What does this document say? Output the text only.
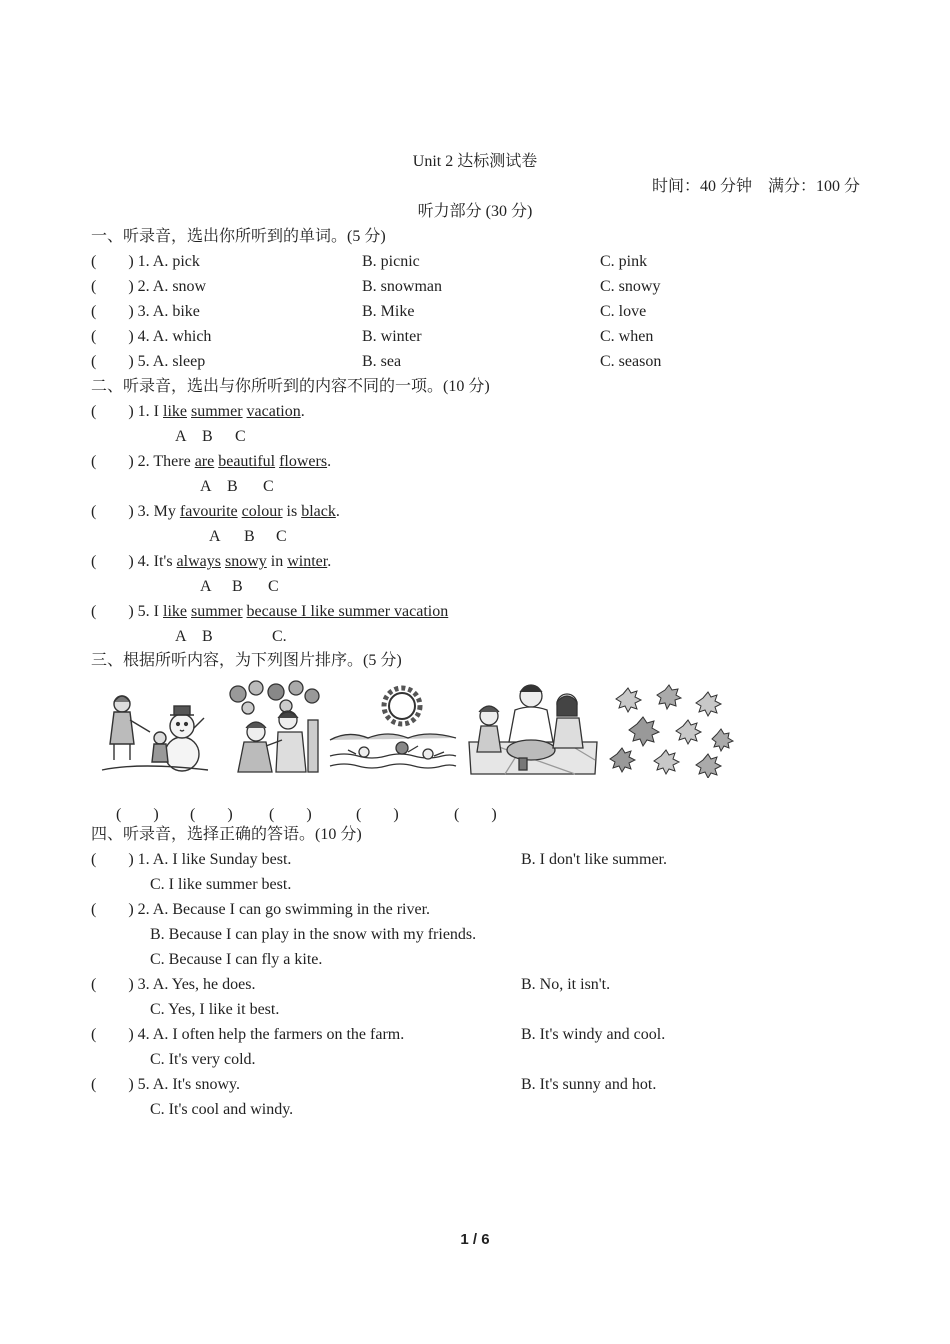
Unit 2 达标测试卷
时间：40 分钟　满分：100 分
听力部分 (30 分)
一、听录音，选出你所听到的单词。(5 分)
(　　) 1. A. pick	B. picnic	C. pink
(　　) 2. A. snow	B. snowman	C. snowy
(　　) 3. A. bike	B. Mike	C. love
(　　) 4. A. which	B. winter	C. when
(　　) 5. A. sleep	B. sea	C. season
二、听录音，选出与你所听到的内容不同的一项。(10 分)
(　　) 1. I like summer vacation.
A B C
(　　) 2. There are beautiful flowers.
A B C
(　　) 3. My favourite colour is black.
A B C
(　　) 4. It's always snowy in winter.
A B C
(　　) 5. I like summer because I like summer vacation
A B	C.
三、根据所听内容，为下列图片排序。(5 分)
(　　) (　　) (　　)	(　　)	(　　)
四、听录音，选择正确的答语。(10 分)
(　　) 1. A. I like Sunday best.	B. I don't like summer.
C. I like summer best.
(　　) 2. A. Because I can go swimming in the river.
B. Because I can play in the snow with my friends.
C. Because I can fly a kite.
(　　) 3. A. Yes, he does.	B. No, it isn't.
C. Yes, I like it best.
(　　) 4. A. I often help the farmers on the farm.	B. It's windy and cool.
C. It's very cold.
(　　) 5. A. It's snowy.	B. It's sunny and hot.
C. It's cool and windy.
1 / 6
